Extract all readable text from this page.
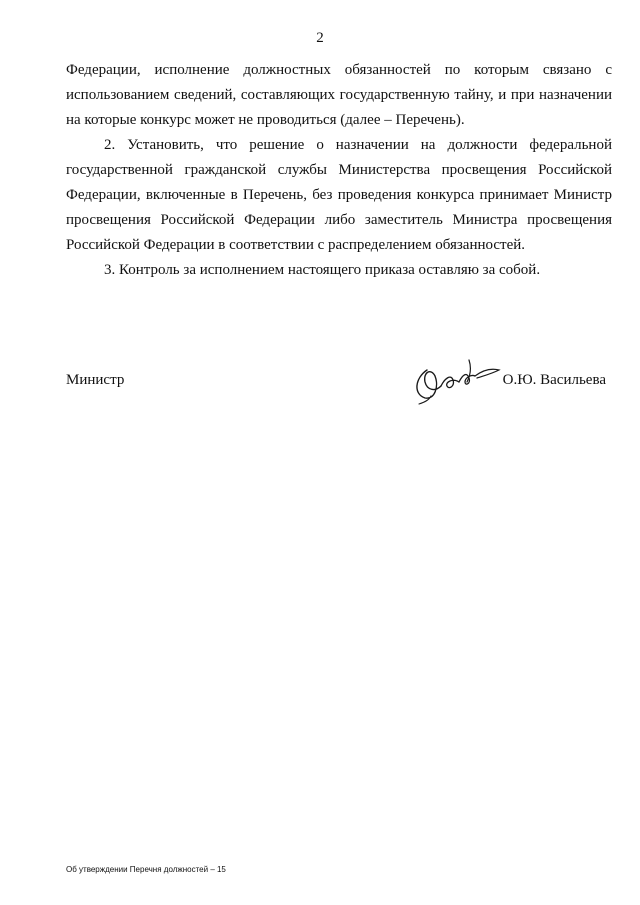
2

Федерации, исполнение должностных обязанностей по которым связано с использованием сведений, составляющих государственную тайну, и при назначении на которые конкурс может не проводиться (далее – Перечень).

2. Установить, что решение о назначении на должности федеральной государственной гражданской службы Министерства просвещения Российской Федерации, включенные в Перечень, без проведения конкурса принимает Министр просвещения Российской Федерации либо заместитель Министра просвещения Российской Федерации в соответствии с распределением обязанностей.

3. Контроль за исполнением настоящего приказа оставляю за собой.

Министр	О.Ю. Васильева
Об утверждении Перечня должностей – 15
